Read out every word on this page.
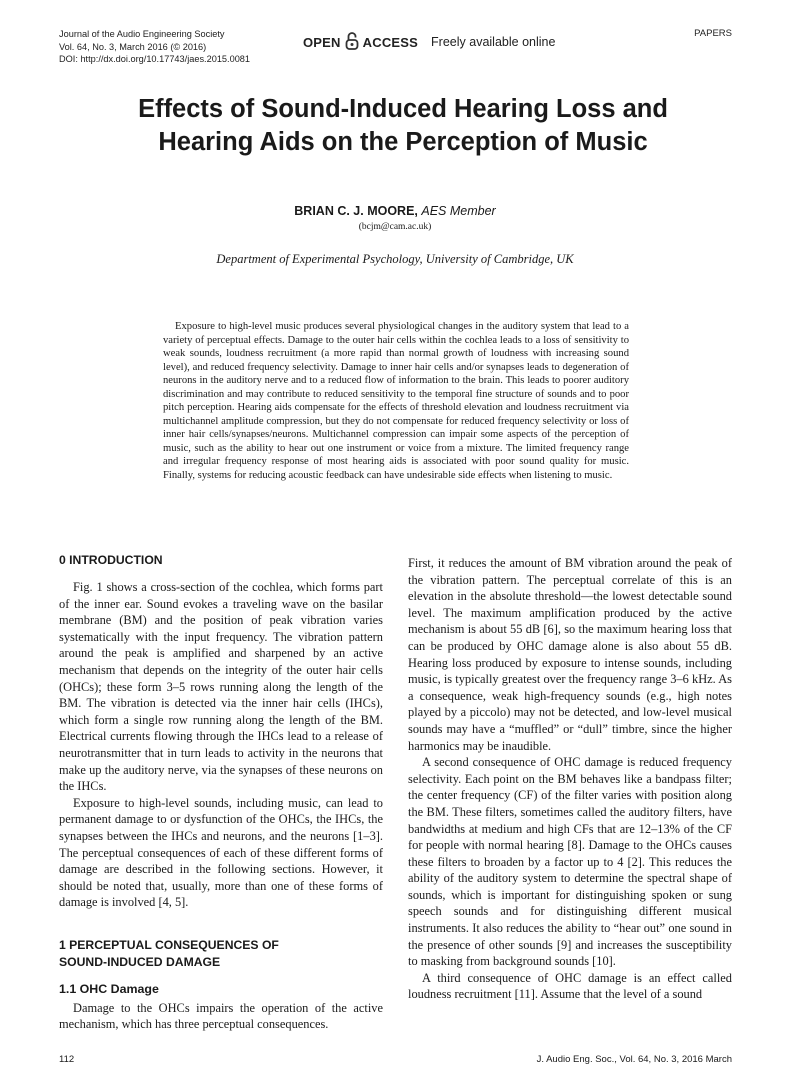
Journal of the Audio Engineering Society
Vol. 64, No. 3, March 2016 (© 2016)
DOI: http://dx.doi.org/10.17743/jaes.2015.0081
OPEN ACCESS Freely available online
PAPERS
Effects of Sound-Induced Hearing Loss and
Hearing Aids on the Perception of Music
BRIAN C. J. MOORE, AES Member
(bcjm@cam.ac.uk)
Department of Experimental Psychology, University of Cambridge, UK
Exposure to high-level music produces several physiological changes in the auditory system that lead to a variety of perceptual effects. Damage to the outer hair cells within the cochlea leads to a loss of sensitivity to weak sounds, loudness recruitment (a more rapid than normal growth of loudness with increasing sound level), and reduced frequency selectivity. Damage to inner hair cells and/or synapses leads to degeneration of neurons in the auditory nerve and to a reduced flow of information to the brain. This leads to poorer auditory discrimination and may contribute to reduced sensitivity to the temporal fine structure of sounds and to poor pitch perception. Hearing aids compensate for the effects of threshold elevation and loudness recruitment via multichannel amplitude compression, but they do not compensate for reduced frequency selectivity or loss of inner hair cells/synapses/neurons. Multichannel compression can impair some aspects of the perception of music, such as the ability to hear out one instrument or voice from a mixture. The limited frequency range and irregular frequency response of most hearing aids is associated with poor sound quality for music. Finally, systems for reducing acoustic feedback can have undesirable side effects when listening to music.
0 INTRODUCTION

Fig. 1 shows a cross-section of the cochlea, which forms part of the inner ear. Sound evokes a traveling wave on the basilar membrane (BM) and the position of peak vibration varies systematically with the input frequency. The vibration pattern around the peak is amplified and sharpened by an active mechanism that depends on the integrity of the outer hair cells (OHCs); these form 3–5 rows running along the length of the BM. The vibration is detected via the inner hair cells (IHCs), which form a single row running along the length of the BM. Electrical currents flowing through the IHCs lead to a release of neurotransmitter that in turn leads to activity in the neurons that make up the auditory nerve, via the synapses of these neurons on the IHCs.

Exposure to high-level sounds, including music, can lead to permanent damage to or dysfunction of the OHCs, the IHCs, the synapses between the IHCs and neurons, and the neurons [1–3]. The perceptual consequences of each of these different forms of damage are described in the following sections. However, it should be noted that, usually, more than one of these forms of damage is involved [4, 5].

1 PERCEPTUAL CONSEQUENCES OF
SOUND-INDUCED DAMAGE
1.1 OHC Damage

Damage to the OHCs impairs the operation of the active mechanism, which has three perceptual consequences.

First, it reduces the amount of BM vibration around the peak of the vibration pattern. The perceptual correlate of this is an elevation in the absolute threshold—the lowest detectable sound level. The maximum amplification produced by the active mechanism is about 55 dB [6], so the maximum hearing loss that can be produced by OHC damage alone is also about 55 dB. Hearing loss produced by exposure to intense sounds, including music, is typically greatest over the frequency range 3–6 kHz. As a consequence, weak high-frequency sounds (e.g., high notes played by a piccolo) may not be detected, and low-level musical sounds may have a “muffled” or “dull” timbre, since the higher harmonics may be inaudible.

A second consequence of OHC damage is reduced frequency selectivity. Each point on the BM behaves like a bandpass filter; the center frequency (CF) of the filter varies with position along the BM. These filters, sometimes called the auditory filters, have bandwidths at medium and high CFs that are 12–13% of the CF for people with normal hearing [8]. Damage to the OHCs causes these filters to broaden by a factor up to 4 [2]. This reduces the ability of the auditory system to determine the spectral shape of sounds, which is important for distinguishing spoken or sung speech sounds and for distinguishing different musical instruments. It also reduces the ability to “hear out” one sound in the presence of other sounds [9] and increases the susceptibility to masking from background sounds [10].

A third consequence of OHC damage is an effect called loudness recruitment [11]. Assume that the level of a sound

112	J. Audio Eng. Soc., Vol. 64, No. 3, 2016 March
